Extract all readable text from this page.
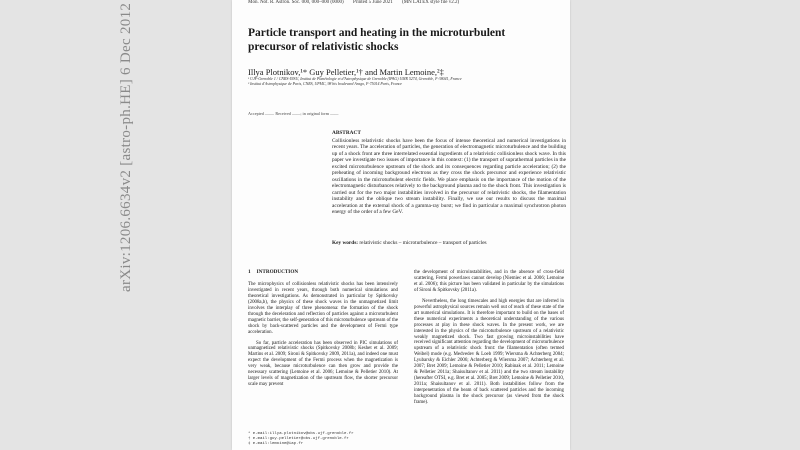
arXiv:1206.6634v2 [astro-ph.HE] 6 Dec 2012
Mon. Not. R. Astron. Soc. 000, 000–000 (0000) Printed 5 June 2021 (MN LATEX style file v2.2)
Particle transport and heating in the microturbulent precursor of relativistic shocks
Illya Plotnikov,¹* Guy Pelletier,¹† and Martin Lemoine,²‡
¹ UJF-Grenoble 1 / CNRS-INSU, Institut de Planétologie et d'Astrophysique de Grenoble (IPAG) UMR 5274, Grenoble, F-38041, France
² Institut d'Astrophysique de Paris, CNRS, UPMC, 98 bis boulevard Arago, F-75014 Paris, France
Accepted ——. Received ——; in original form ——
ABSTRACT

Collisionless relativistic shocks have been the focus of intense theoretical and numerical investigations in recent years. The acceleration of particles, the generation of electromagnetic microturbulence and the building up of a shock front are three interrelated essential ingredients of a relativistic collisionless shock wave. In this paper we investigate two issues of importance in this context: (1) the transport of suprathermal particles in the excited microturbulence upstream of the shock and its consequences regarding particle acceleration; (2) the preheating of incoming background electrons as they cross the shock precursor and experience relativistic oscillations in the microturbulent electric fields. We place emphasis on the importance of the motion of the electromagnetic disturbances relatively to the background plasma and to the shock front. This investigation is carried out for the two major instabilities involved in the precursor of relativistic shocks, the filamentation instability and the oblique two stream instability. Finally, we use our results to discuss the maximal acceleration at the external shock of a gamma-ray burst; we find in particular a maximal synchrotron photon energy of the order of a few GeV.

Key words: relativistic shocks – microturbulence – transport of particles
1 INTRODUCTION

The microphysics of collisionless relativistic shocks has been intensively investigated in recent years, through both numerical simulations and theoretical investigations. As demonstrated in particular by Spitkovsky (2008a,b), the physics of these shock waves in the unmagnetized limit involves the interplay of three phenomena: the formation of the shock through the deceleration and reflection of particles against a microturbulent magnetic barrier, the self-generation of this microturbulence upstream of the shock by back-scattered particles and the development of Fermi type acceleration.

So far, particle acceleration has been observed in PIC simulations of unmagnetized relativistic shocks (Spitkovsky 2008b; Keshet et al. 2009; Martins et al. 2009; Sironi & Spitkovsky 2009, 2011a), and indeed one must expect the development of the Fermi process when the magnetization is very weak, because microturbulence can then grow and provide the necessary scattering (Lemoine et al. 2006; Lemoine & Pelletier 2010). At larger levels of magnetization of the upstream flow, the shorter precursor scale may prevent

the development of microinstabilities, and in the absence of cross-field scattering, Fermi powerlaws cannot develop (Niemiec et al. 2006; Lemoine et al. 2006); this picture has been validated in particular by the simulations of Sironi & Spitkovsky (2011a).

Nevertheless, the long timescales and high energies that are inferred in powerful astrophysical sources remain well out of reach of these state of the art numerical simulations. It is therefore important to build on the bases of these numerical experiments a theoretical understanding of the various processes at play in these shock waves. In the present work, we are interested in the physics of the microturbulence upstream of a relativistic weakly magnetized shock. Two fast growing microinstabilities have received significant attention regarding the development of microturbulence upstream of a relativistic shock front: the filamentation (often termed Weibel) mode (e.g. Medvedev & Loeb 1999; Wiersma & Achterberg 2004; Lyubarsky & Eichler 2006; Achterberg & Wiersma 2007; Achterberg et al. 2007; Bret 2009; Lemoine & Pelletier 2010; Rabinak et al. 2011; Lemoine & Pelletier 2011a; Shaisultanov et al. 2011) and the two stream instability (hereafter OTSI, e.g. Bret et al. 2005; Bret 2009; Lemoine & Pelletier 2010, 2011a; Shaisultanov et al. 2011). Both instabilities follow from the interpenetration of the beam of back scattered particles and the incoming background plasma in the shock precursor (as viewed from the shock frame).

* e-mail:illya.plotnikov@obs.ujf-grenoble.fr
† e-mail:guy.pelletier@obs.ujf-grenoble.fr
‡ e-mail:lemoine@iap.fr
